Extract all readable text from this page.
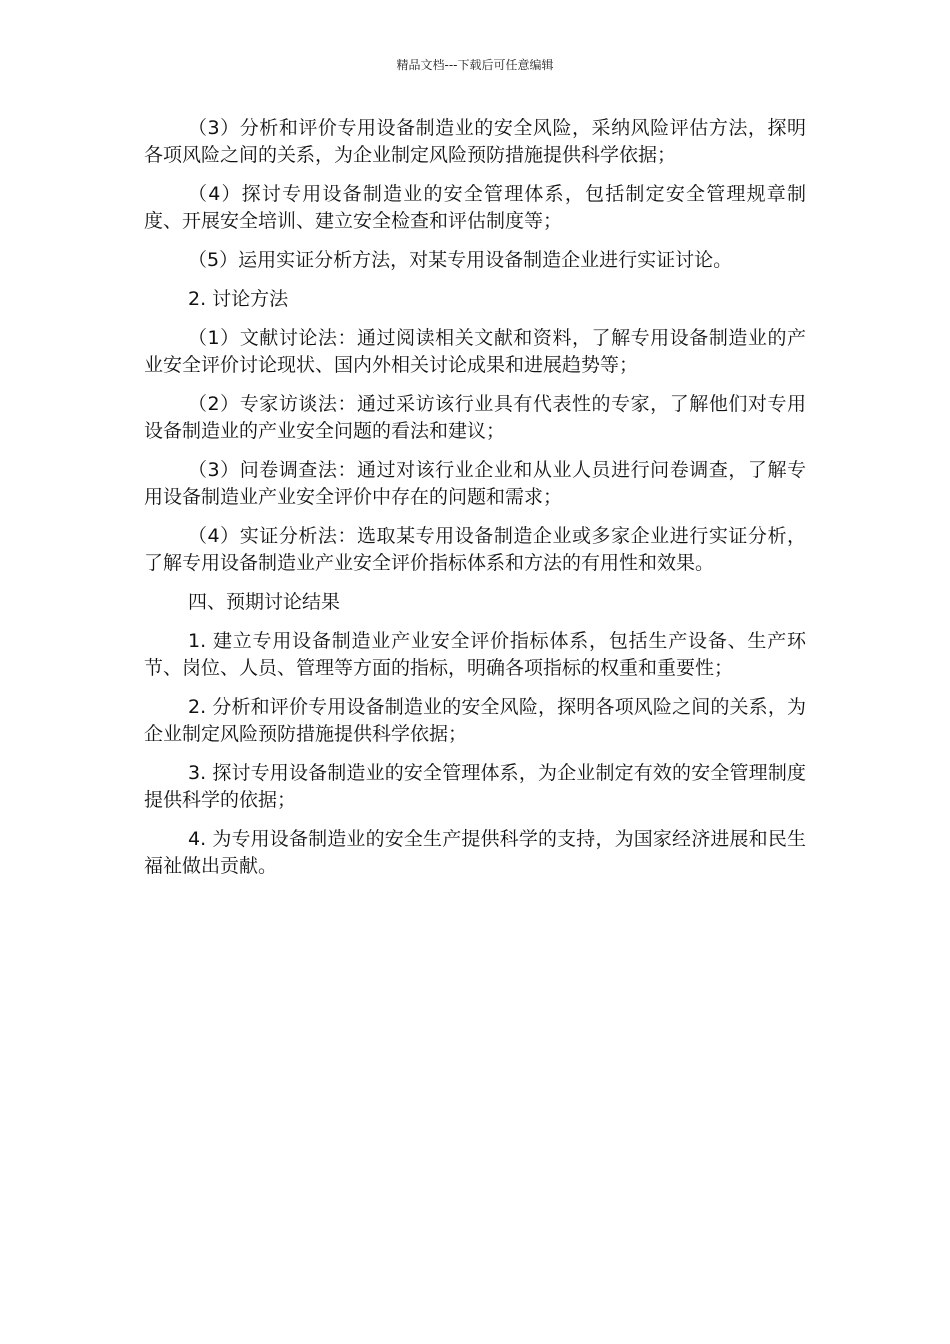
精品文档---下载后可任意编辑

（3）分析和评价专用设备制造业的安全风险，采纳风险评估方法，探明各项风险之间的关系，为企业制定风险预防措施提供科学依据；

（4）探讨专用设备制造业的安全管理体系，包括制定安全管理规章制度、开展安全培训、建立安全检查和评估制度等；

（5）运用实证分析方法，对某专用设备制造企业进行实证讨论。

2. 讨论方法

（1）文献讨论法：通过阅读相关文献和资料，了解专用设备制造业的产业安全评价讨论现状、国内外相关讨论成果和进展趋势等；

（2）专家访谈法：通过采访该行业具有代表性的专家，了解他们对专用设备制造业的产业安全问题的看法和建议；

（3）问卷调查法：通过对该行业企业和从业人员进行问卷调查，了解专用设备制造业产业安全评价中存在的问题和需求；

（4）实证分析法：选取某专用设备制造企业或多家企业进行实证分析，了解专用设备制造业产业安全评价指标体系和方法的有用性和效果。

四、预期讨论结果

1. 建立专用设备制造业产业安全评价指标体系，包括生产设备、生产环节、岗位、人员、管理等方面的指标，明确各项指标的权重和重要性；

2. 分析和评价专用设备制造业的安全风险，探明各项风险之间的关系，为企业制定风险预防措施提供科学依据；

3. 探讨专用设备制造业的安全管理体系，为企业制定有效的安全管理制度提供科学的依据；

4. 为专用设备制造业的安全生产提供科学的支持，为国家经济进展和民生福祉做出贡献。
